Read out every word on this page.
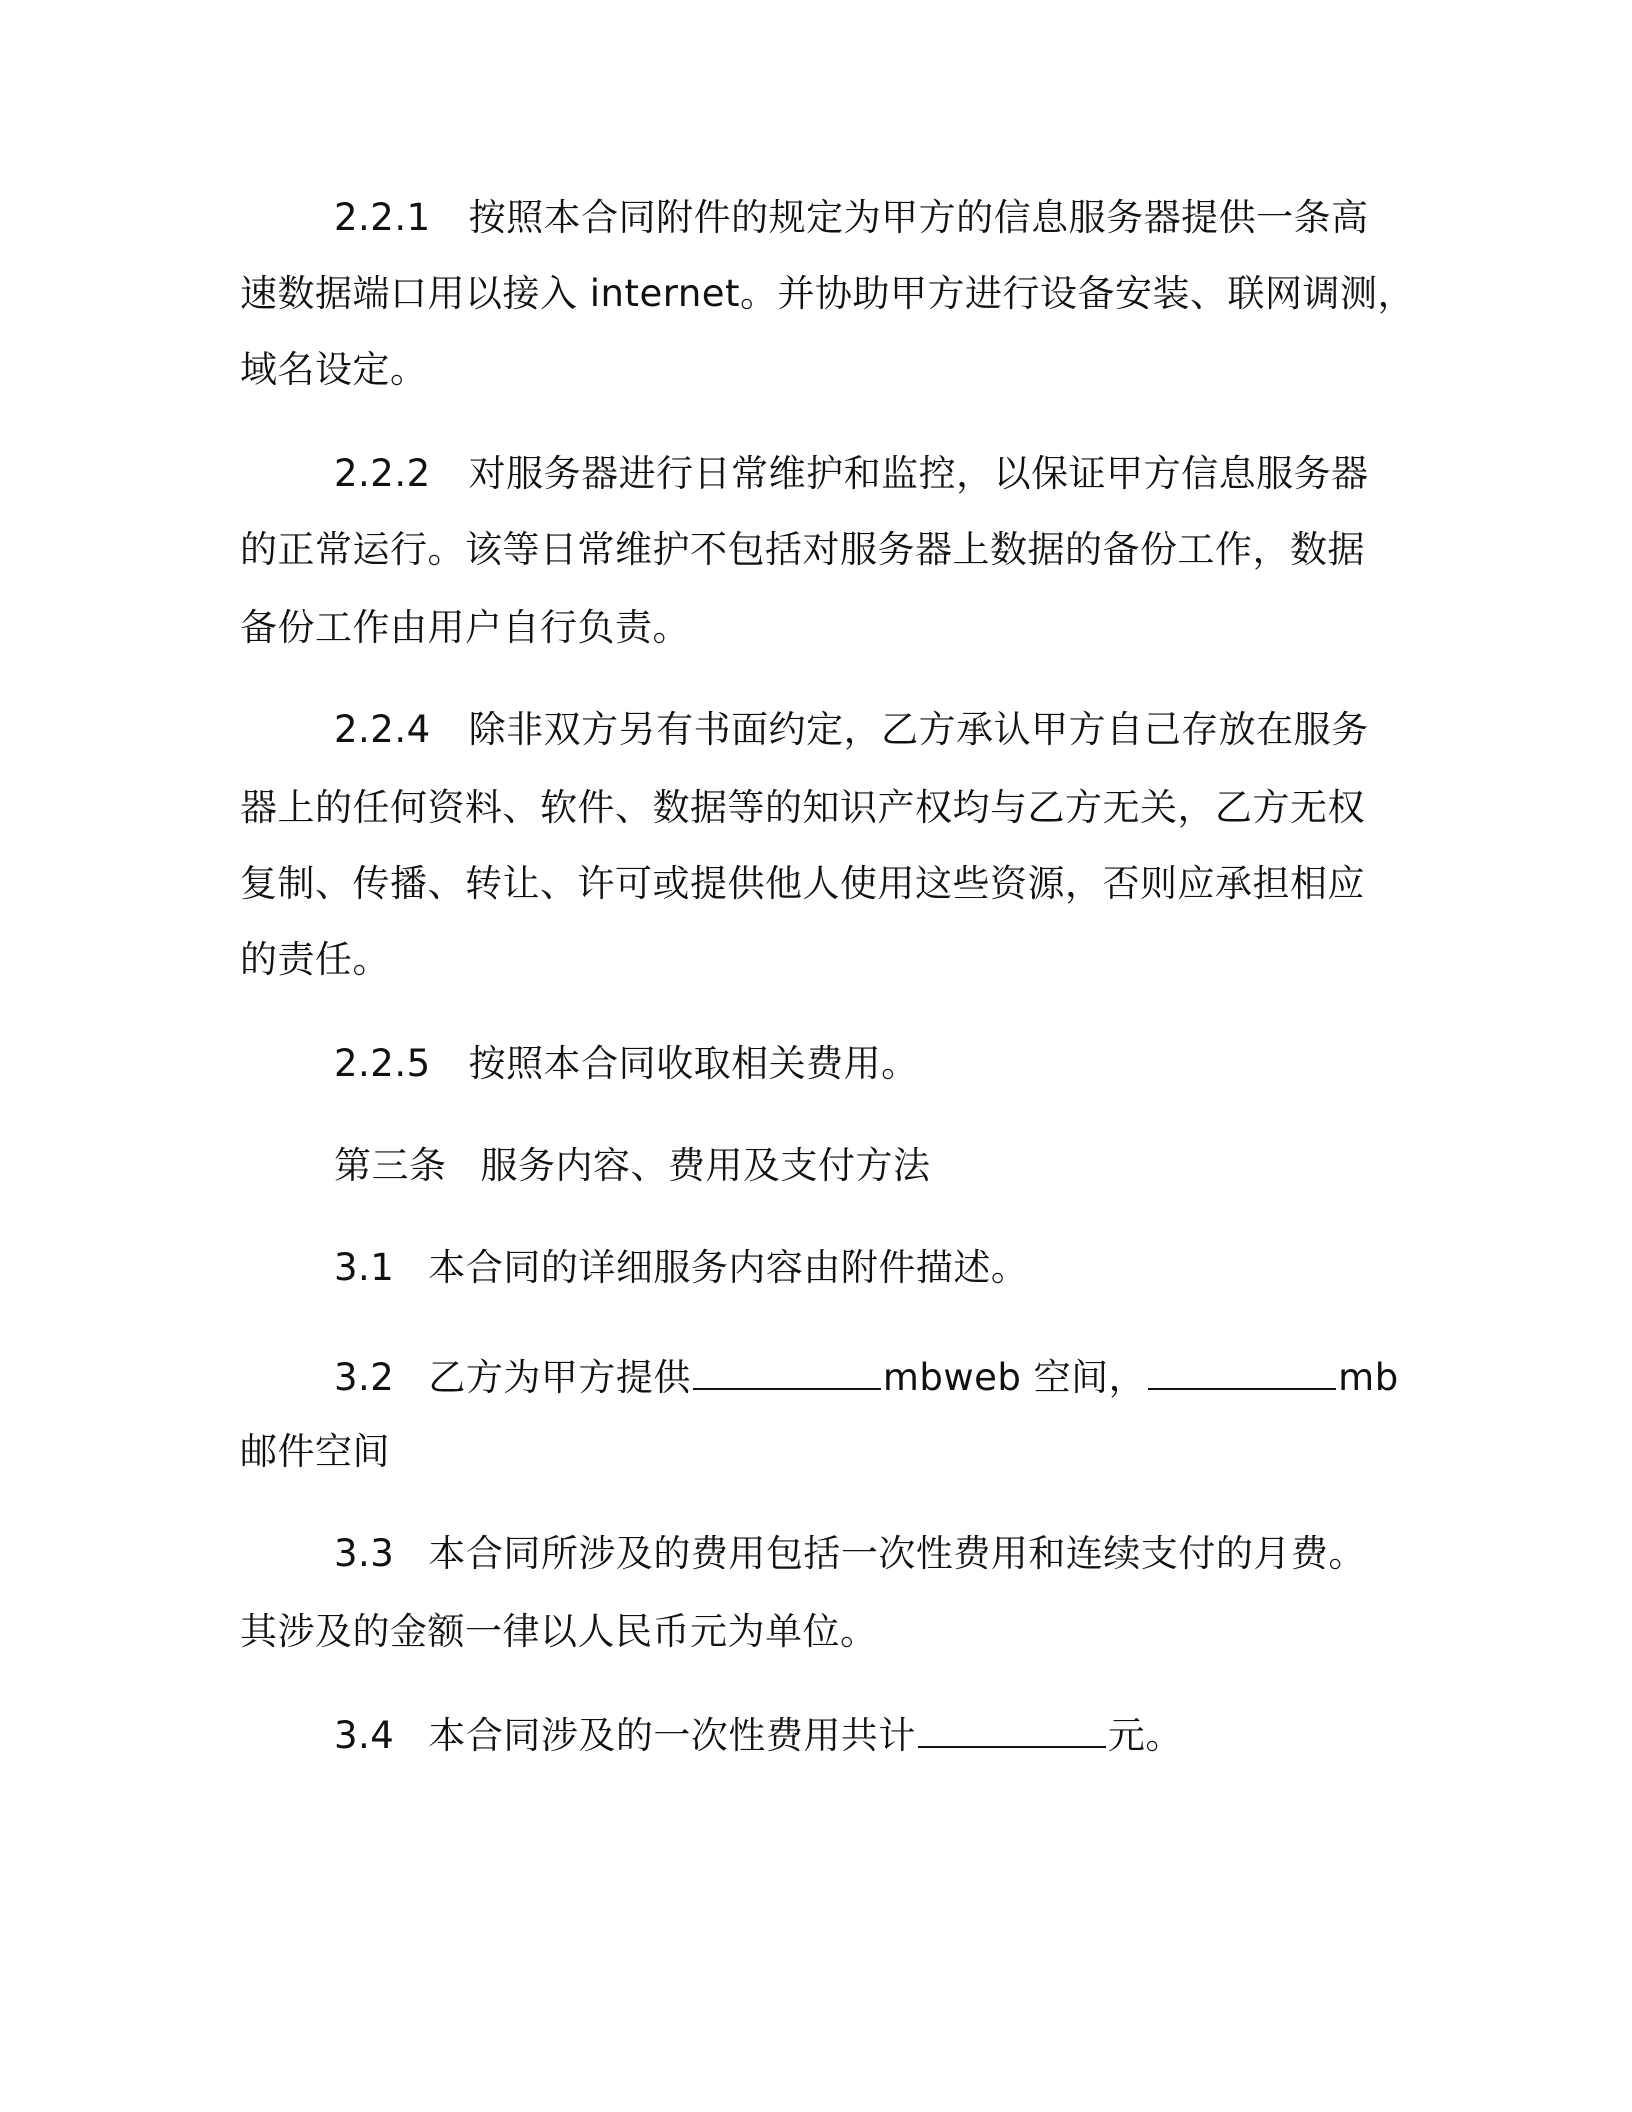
2.2.1 按照本合同附件的规定为甲方的信息服务器提供一条高
速数据端口用以接入 internet。并协助甲方进行设备安装、联网调测，
域名设定。
2.2.2 对服务器进行日常维护和监控，以保证甲方信息服务器
的正常运行。该等日常维护不包括对服务器上数据的备份工作，数据
备份工作由用户自行负责。
2.2.4 除非双方另有书面约定，乙方承认甲方自己存放在服务
器上的任何资料、软件、数据等的知识产权均与乙方无关，乙方无权
复制、传播、转让、许可或提供他人使用这些资源，否则应承担相应
的责任。
2.2.5 按照本合同收取相关费用。
第三条 服务内容、费用及支付方法
3.1 本合同的详细服务内容由附件描述。
3.2 乙方为甲方提供	mbweb 空间，	mb
邮件空间
3.3 本合同所涉及的费用包括一次性费用和连续支付的月费。
其涉及的金额一律以人民币元为单位。
3.4 本合同涉及的一次性费用共计	元。
